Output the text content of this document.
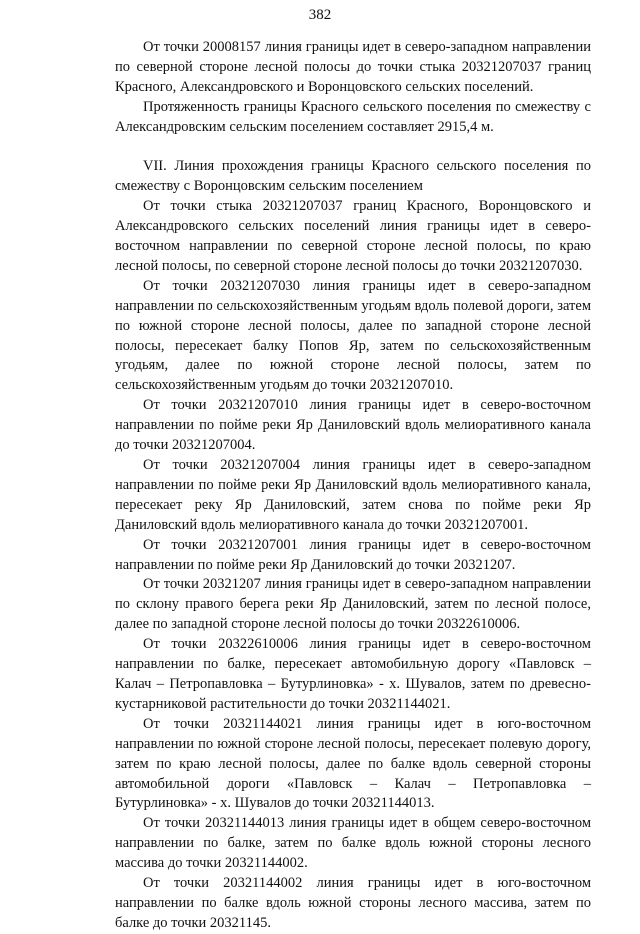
382

От точки 20008157 линия границы идет в северо-западном направлении по северной стороне лесной полосы до точки стыка 20321207037 границ Красного, Александровского и Воронцовского сельских поселений.

Протяженность границы Красного сельского поселения по смежеству с Александровским сельским поселением составляет 2915,4 м.

VII. Линия прохождения границы Красного сельского поселения по смежеству с Воронцовским сельским поселением

От точки стыка 20321207037 границ Красного, Воронцовского и Александровского сельских поселений линия границы идет в северо-восточном направлении по северной стороне лесной полосы, по краю лесной полосы, по северной стороне лесной полосы до точки 20321207030.

От точки 20321207030 линия границы идет в северо-западном направлении по сельскохозяйственным угодьям вдоль полевой дороги, затем по южной стороне лесной полосы, далее по западной стороне лесной полосы, пересекает балку Попов Яр, затем по сельскохозяйственным угодьям, далее по южной стороне лесной полосы, затем по сельскохозяйственным угодьям до точки 20321207010.

От точки 20321207010 линия границы идет в северо-восточном направлении по пойме реки Яр Даниловский вдоль мелиоративного канала до точки 20321207004.

От точки 20321207004 линия границы идет в северо-западном направлении по пойме реки Яр Даниловский вдоль мелиоративного канала, пересекает реку Яр Даниловский, затем снова по пойме реки Яр Даниловский вдоль мелиоративного канала до точки 20321207001.

От точки 20321207001 линия границы идет в северо-восточном направлении по пойме реки Яр Даниловский до точки 20321207.

От точки 20321207 линия границы идет в северо-западном направлении по склону правого берега реки Яр Даниловский, затем по лесной полосе, далее по западной стороне лесной полосы до точки 20322610006.

От точки 20322610006 линия границы идет в северо-восточном направлении по балке, пересекает автомобильную дорогу «Павловск – Калач – Петропавловка – Бутурлиновка» - х. Шувалов, затем по древесно-кустарниковой растительности до точки 20321144021.

От точки 20321144021 линия границы идет в юго-восточном направлении по южной стороне лесной полосы, пересекает полевую дорогу, затем по краю лесной полосы, далее по балке вдоль северной стороны автомобильной дороги «Павловск – Калач – Петропавловка – Бутурлиновка» - х. Шувалов до точки 20321144013.

От точки 20321144013 линия границы идет в общем северо-восточном направлении по балке, затем по балке вдоль южной стороны лесного массива до точки 20321144002.

От точки 20321144002 линия границы идет в юго-восточном направлении по балке вдоль южной стороны лесного массива, затем по балке до точки 20321145.
